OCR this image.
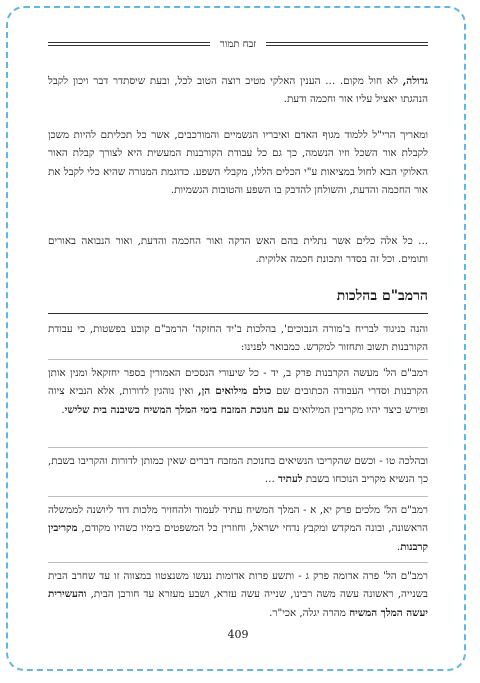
זבח תמור

גדולה, לא חול מקום. ... הענין האלקי מטיב רוצה הטוב לכל, ובעת שיסתדר דבר ויכון לקבל הנהגתו יאציל עליו אור וחכמה ודעת.

ומאריך הרי"ל ללמוד מגוף האדם ואיבריו הגשמיים והמורכבים, אשר כל תכליתם להיות משכן לקבלת אור השכל וזיו הנשמה, כך גם כל עבודת הקורבנות המעשית היא לצורך קבלת האור האלוקי הבא לחול במציאות ע"י הכלים הללו, מקבלי השפע. כדוגמת המנורה שהיא כלי לקבל את אור החכמה והדעת, והשולחן להדבק בו השפע והטובות הגשמיות.

... כל אלה כלים אשר נתלית בהם האש הדקה ואור החכמה והדעת, ואור הנבואה באורים ותומים. וכל זה בסדר ותכונת חכמה אלוקית.

הרמב"ם בהלכות

והנה בניגוד לבריח ב'מורה הנבוכים', בהלכות ב'יד החזקה' הרמב"ם קובע בפשטות, כי עבודת הקורבנות תשוב ותחזור למקדש. כמבואר לפנינו:

רמב"ם הל' מעשה הקרבנות פרק ב, יד - כל שיעורי הנסכים האמורין בספר יחזקאל ומנין אותן הקרבנות וסדרי העבודה הכתובים שם כולם מילואים הן, ואין נוהגין לדורות, אלא הנביא ציוה ופירש כיצד יהיו מקריבין המילואים עם חנוכת המזבח בימי המלך המשיח כשיבנה בית שלישי.

ובהלכה טו - וכשם שהקריבו הנשיאים בחנוכת המזבח דברים שאין כמותן לדורות והקריבו בשבת, כך הנשיא מקריב הנוכחו בשבת לעתיד ...

רמב"ם הל' מלכים פרק יא, א - המלך המשיח עתיד לעמוד ולהחזיר מלכות דוד ליושנה לממשלה הראשונה, ובונה המקדש ומקבץ נדחי ישראל, וחוזרין כל המשפטים בימיו כשהיו מקודם, מקריבין קרבנות.

רמב"ם הל' פרה אדומה פרק ג - ותשע פרות אדומות נעשו משנצטוו במצווה זו עד שחרב הבית בשנייה, ראשונה עשה משה רבינו, שנייה עשה עזרא, ושבע מעזרא עד חורבן הבית, והעשירית יעשה המלך המשיח מהרה יגלה, אכי"ר.

409
